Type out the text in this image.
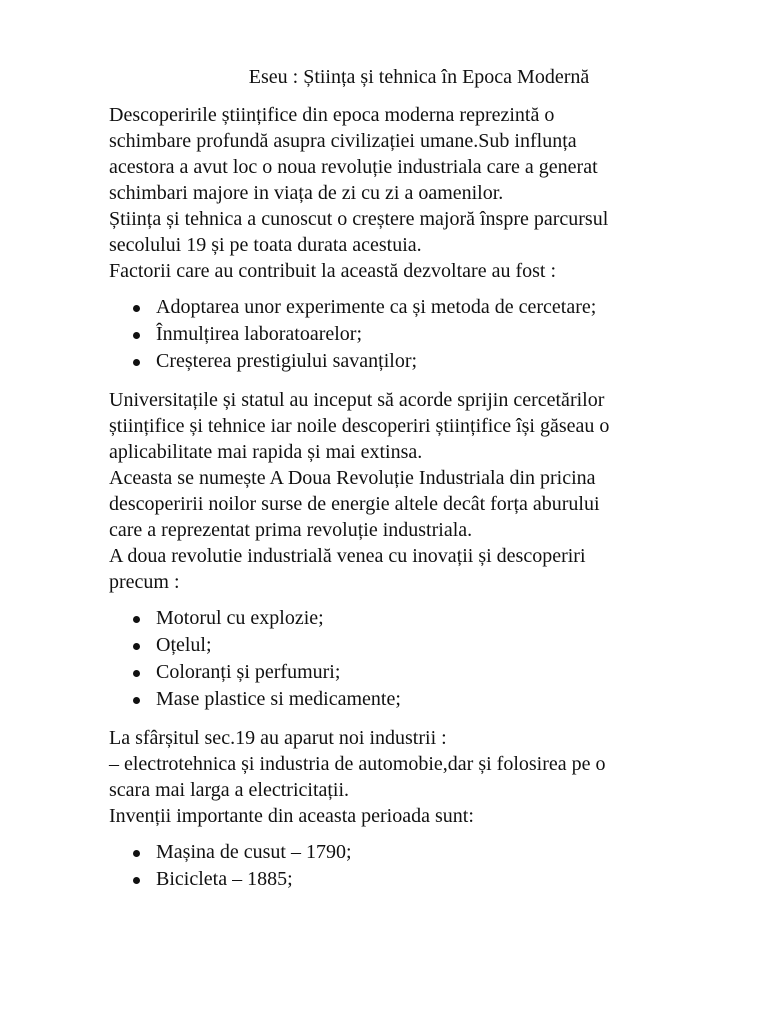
Eseu : Știința și tehnica în Epoca Modernă
Descoperirile științifice din epoca moderna reprezintă o
schimbare profundă asupra civilizației umane.Sub influnța
acestora a avut loc o noua revoluție industriala care a generat
schimbari majore in viața de zi cu zi a oamenilor.
Știința și tehnica a cunoscut o creștere majoră înspre parcursul
secolului 19 și pe toata durata acestuia.
Factorii care au contribuit la această dezvoltare au fost :
Adoptarea unor experimente ca și metoda de cercetare;
Înmulțirea laboratoarelor;
Creșterea prestigiului savanților;
Universitațile și statul au inceput să acorde sprijin cercetărilor
științifice și tehnice iar noile descoperiri științifice își găseau o
aplicabilitate mai rapida și mai extinsa.
Aceasta se numește A Doua Revoluție Industriala din pricina
descoperirii noilor surse de energie altele decât forța aburului
care a reprezentat prima revoluție industriala.
A doua revolutie industrială venea cu inovații și descoperiri
precum :
Motorul cu explozie;
Oțelul;
Coloranți și perfumuri;
Mase plastice si medicamente;
La sfârșitul sec.19 au aparut noi industrii :
– electrotehnica și industria de automobie,dar și folosirea pe o
scara mai larga a electricitații.
Invenții importante din aceasta perioada sunt:
Mașina de cusut – 1790;
Bicicleta – 1885;
